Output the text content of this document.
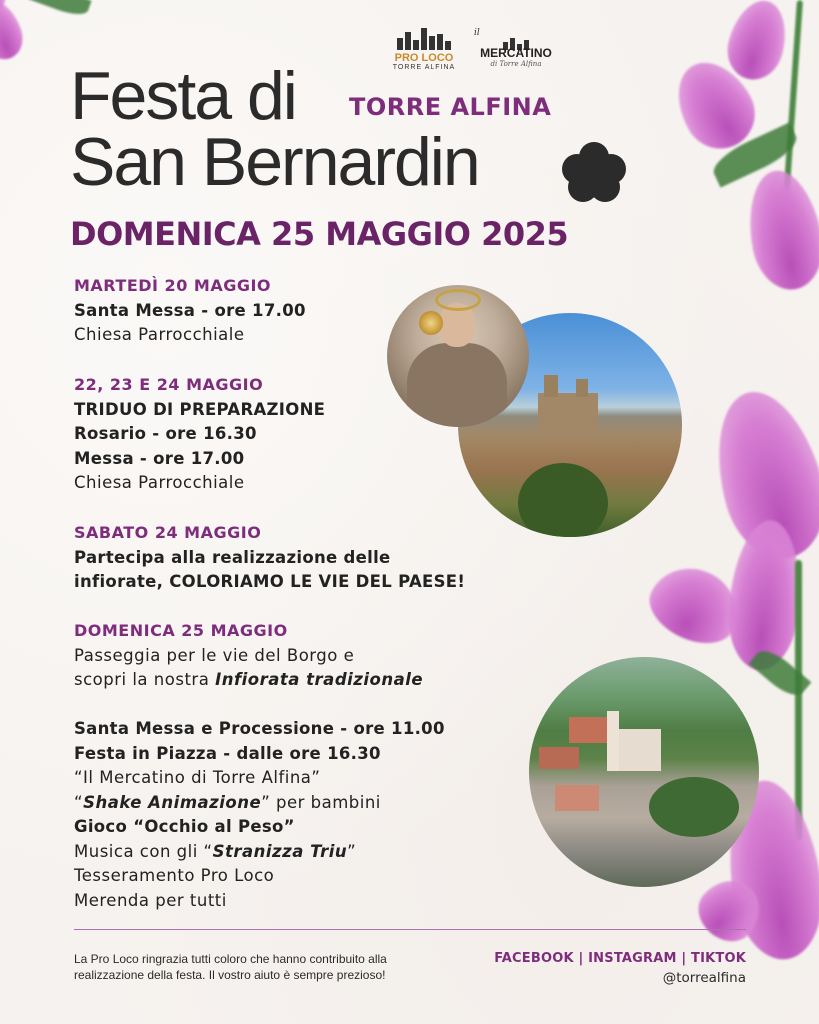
PRO LOCO
TORRE ALFINA
il
MERCATINO
di Torre Alfina
Festa di TORRE ALFINA
San Bernardin
DOMENICA 25 MAGGIO 2025
MARTEDÌ 20 MAGGIO
Santa Messa - ore 17.00
Chiesa Parrocchiale
22, 23 E 24 MAGGIO
TRIDUO DI PREPARAZIONE
Rosario - ore 16.30
Messa - ore 17.00
Chiesa Parrocchiale
SABATO 24 MAGGIO
Partecipa alla realizzazione delle
infiorate, COLORIAMO LE VIE DEL PAESE!
DOMENICA 25 MAGGIO
Passeggia per le vie del Borgo e
scopri la nostra Infiorata tradizionale
Santa Messa e Processione - ore 11.00
Festa in Piazza - dalle ore 16.30
“Il Mercatino di Torre Alfina”
“Shake Animazione” per bambini
Gioco “Occhio al Peso”
Musica con gli “Stranizza Triu”
Tesseramento Pro Loco
Merenda per tutti
La Pro Loco ringrazia tutti coloro che hanno contribuito alla realizzazione della festa. Il vostro aiuto è sempre prezioso!
FACEBOOK | INSTAGRAM | TIKTOK
@torrealfina
